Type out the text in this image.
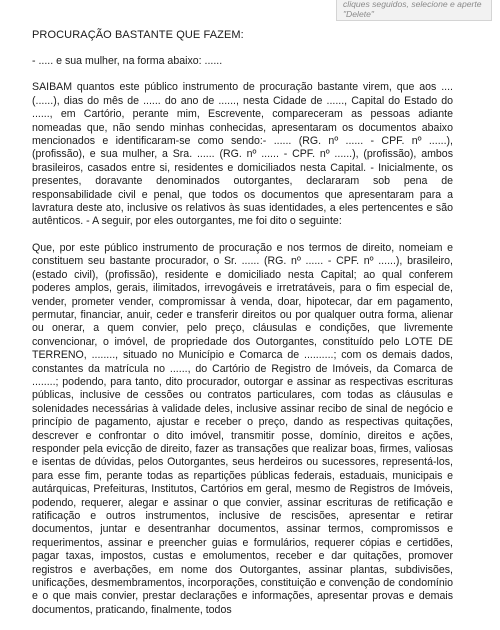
cliques seguidos, selecione e aperte "Delete"
PROCURAÇÃO BASTANTE QUE FAZEM:
- ..... e sua mulher, na forma abaixo: ......

SAIBAM quantos este público instrumento de procuração bastante virem, que aos .... (......), dias do mês de ...... do ano de ......, nesta Cidade de ......, Capital do Estado do ......, em Cartório, perante mim, Escrevente, compareceram as pessoas adiante nomeadas que, não sendo minhas conhecidas, apresentaram os documentos abaixo mencionados e identificaram-se como sendo:- ...... (RG. nº ...... - CPF. nº ......), (profissão), e sua mulher, a Sra. ...... (RG. nº ...... - CPF. nº ......), (profissão), ambos brasileiros, casados entre si, residentes e domiciliados nesta Capital. - Inicialmente, os presentes, doravante denominados outorgantes, declararam sob pena de responsabilidade civil e penal, que todos os documentos que apresentaram para a lavratura deste ato, inclusive os relativos às suas identidades, a eles pertencentes e são autênticos. - A seguir, por eles outorgantes, me foi dito o seguinte:

Que, por este público instrumento de procuração e nos termos de direito, nomeiam e constituem seu bastante procurador, o Sr. ...... (RG. nº ...... - CPF. nº ......), brasileiro, (estado civil), (profissão), residente e domiciliado nesta Capital; ao qual conferem poderes amplos, gerais, ilimitados, irrevogáveis e irretratáveis, para o fim especial de, vender, prometer vender, compromissar à venda, doar, hipotecar, dar em pagamento, permutar, financiar, anuir, ceder e transferir direitos ou por qualquer outra forma, alienar ou onerar, a quem convier, pelo preço, cláusulas e condições, que livremente convencionar, o imóvel, de propriedade dos Outorgantes, constituído pelo LOTE DE TERRENO, ........, situado no Município e Comarca de ..........; com os demais dados, constantes da matrícula no ......, do Cartório de Registro de Imóveis, da Comarca de ........; podendo, para tanto, dito procurador, outorgar e assinar as respectivas escrituras públicas, inclusive de cessões ou contratos particulares, com todas as cláusulas e solenidades necessárias à validade deles, inclusive assinar recibo de sinal de negócio e princípio de pagamento, ajustar e receber o preço, dando as respectivas quitações, descrever e confrontar o dito imóvel, transmitir posse, domínio, direitos e ações, responder pela evicção de direito, fazer as transações que realizar boas, firmes, valiosas e isentas de dúvidas, pelos Outorgantes, seus herdeiros ou sucessores, representá-los, para esse fim, perante todas as repartições públicas federais, estaduais, municipais e autárquicas, Prefeituras, Institutos, Cartórios em geral, mesmo de Registros de Imóveis, podendo, requerer, alegar e assinar o que convier, assinar escrituras de retificação e ratificação e outros instrumentos, inclusive de rescisões, apresentar e retirar documentos, juntar e desentranhar documentos, assinar termos, compromissos e requerimentos, assinar e preencher guias e formulários, requerer cópias e certidões, pagar taxas, impostos, custas e emolumentos, receber e dar quitações, promover registros e averbações, em nome dos Outorgantes, assinar plantas, subdivisões, unificações, desmembramentos, incorporações, constituição e convenção de condomínio e o que mais convier, prestar declarações e informações, apresentar provas e demais documentos, praticando, finalmente, todos
